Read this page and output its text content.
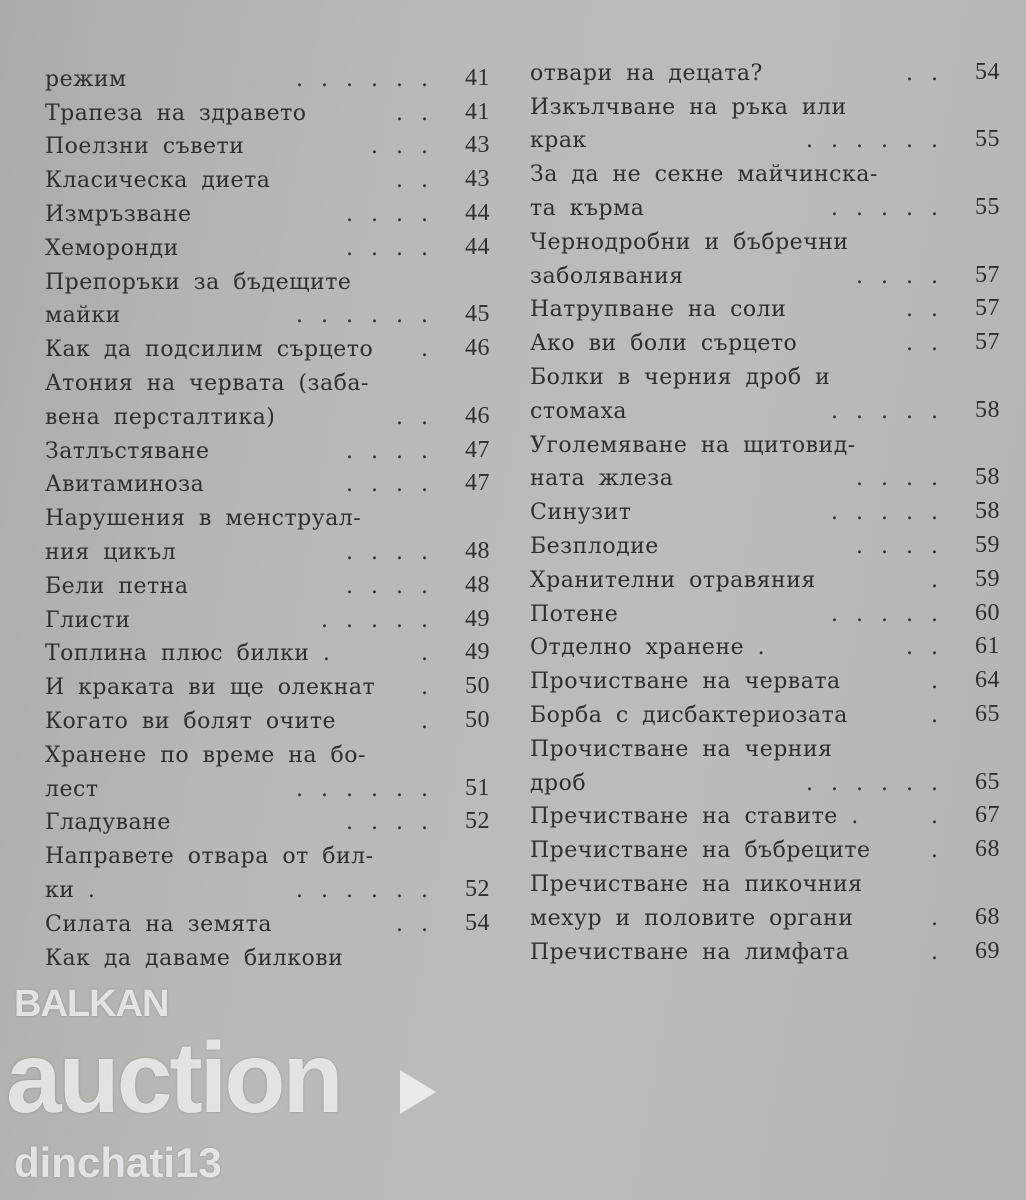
режим	...... 41
Трапеза на здравето	.. 41
Поелзни съвети	... 43
Класическа диета	.. 43
Измръзване	.... 44
Хеморонди	.... 44
Препоръки за бъдещите
майки	...... 45
Как да подсилим сърцето	. 46
Атония на червата (заба-
вена персталтика)	.. 46
Затлъстяване	.... 47
Авитаминоза	.... 47
Нарушения в менструал-
ния цикъл	.... 48
Бели петна	.... 48
Глисти	..... 49
Топлина плюс билки .	. 49
И краката ви ще олекнат	. 50
Когато ви болят очите	. 50
Хранене по време на бо-
лест	...... 51
Гладуване	.... 52
Направете отвара от бил-
ки .	...... 52
Силата на земята	.. 54
Как да даваме билкови
отвари на децата?	.. 54
Изкълчване на ръка или
крак	...... 55
За да не секне майчинска-
та кърма	..... 55
Чернодробни и бъбречни
заболявания	.... 57
Натрупване на соли	.. 57
Ако ви боли сърцето	.. 57
Болки в черния дроб и
стомаха	..... 58
Уголемяване на щитовид-
ната жлеза	.... 58
Синузит	..... 58
Безплодие	.... 59
Хранителни отравяния	. 59
Потене	..... 60
Отделно хранене .	.. 61
Прочистване на червата	. 64
Борба с дисбактериозата	. 65
Прочистване на черния
дроб	...... 65
Пречистване на ставите .	. 67
Пречистване на бъбреците	. 68
Пречистване на пикочния
мехур и половите органи	. 68
Пречистване на лимфата	. 69
BALKAN
auction
dinchati13
